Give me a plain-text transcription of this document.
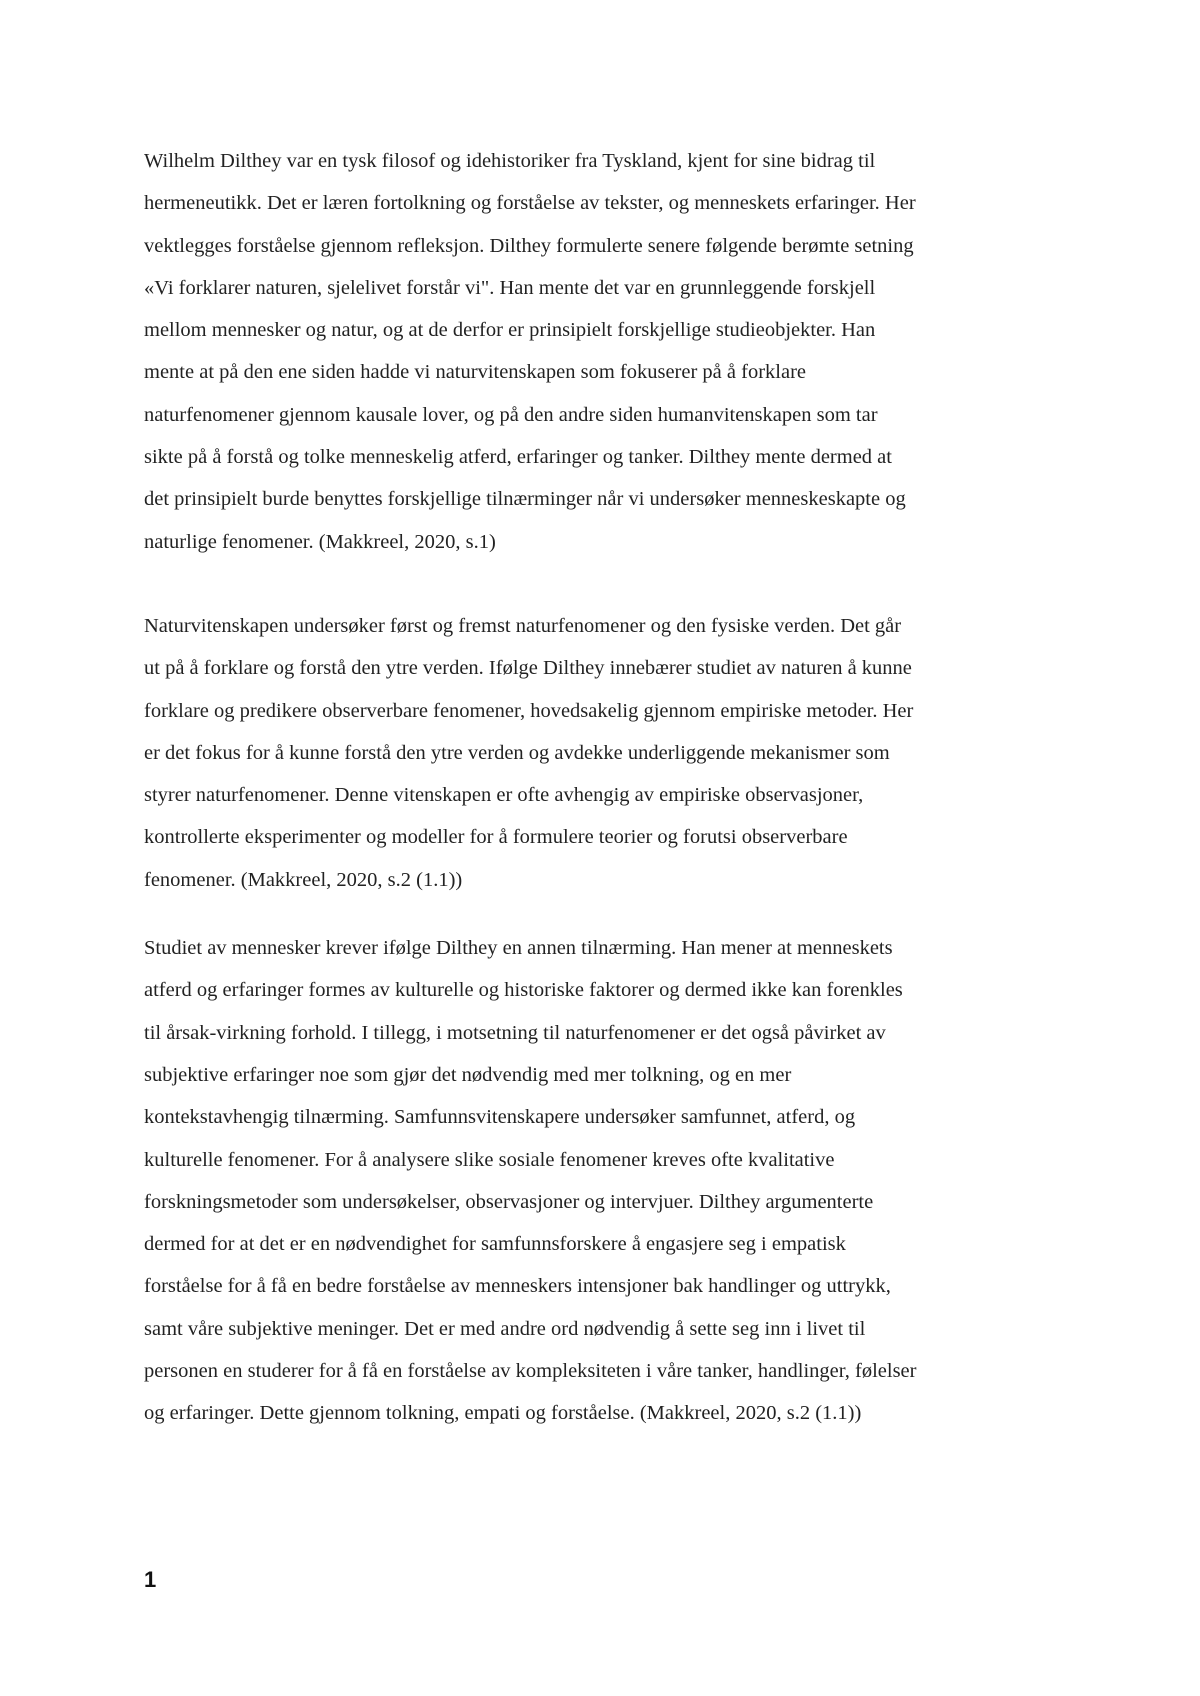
Wilhelm Dilthey var en tysk filosof og idehistoriker fra Tyskland, kjent for sine bidrag til
hermeneutikk. Det er læren fortolkning og forståelse av tekster, og menneskets erfaringer. Her
vektlegges forståelse gjennom refleksjon. Dilthey formulerte senere følgende berømte setning
«Vi forklarer naturen, sjelelivet forstår vi". Han mente det var en grunnleggende forskjell
mellom mennesker og natur, og at de derfor er prinsipielt forskjellige studieobjekter. Han
mente at på den ene siden hadde vi naturvitenskapen som fokuserer på å forklare
naturfenomener gjennom kausale lover, og på den andre siden humanvitenskapen som tar
sikte på å forstå og tolke menneskelig atferd, erfaringer og tanker. Dilthey mente dermed at
det prinsipielt burde benyttes forskjellige tilnærminger når vi undersøker menneskeskapte og
naturlige fenomener. (Makkreel, 2020, s.1)

Naturvitenskapen undersøker først og fremst naturfenomener og den fysiske verden. Det går
ut på å forklare og forstå den ytre verden. Ifølge Dilthey innebærer studiet av naturen å kunne
forklare og predikere observerbare fenomener, hovedsakelig gjennom empiriske metoder. Her
er det fokus for å kunne forstå den ytre verden og avdekke underliggende mekanismer som
styrer naturfenomener. Denne vitenskapen er ofte avhengig av empiriske observasjoner,
kontrollerte eksperimenter og modeller for å formulere teorier og forutsi observerbare
fenomener. (Makkreel, 2020, s.2 (1.1))

Studiet av mennesker krever ifølge Dilthey en annen tilnærming. Han mener at menneskets
atferd og erfaringer formes av kulturelle og historiske faktorer og dermed ikke kan forenkles
til årsak-virkning forhold. I tillegg, i motsetning til naturfenomener er det også påvirket av
subjektive erfaringer noe som gjør det nødvendig med mer tolkning, og en mer
kontekstavhengig tilnærming. Samfunnsvitenskapere undersøker samfunnet, atferd, og
kulturelle fenomener. For å analysere slike sosiale fenomener kreves ofte kvalitative
forskningsmetoder som undersøkelser, observasjoner og intervjuer. Dilthey argumenterte
dermed for at det er en nødvendighet for samfunnsforskere å engasjere seg i empatisk
forståelse for å få en bedre forståelse av menneskers intensjoner bak handlinger og uttrykk,
samt våre subjektive meninger. Det er med andre ord nødvendig å sette seg inn i livet til
personen en studerer for å få en forståelse av kompleksiteten i våre tanker, handlinger, følelser
og erfaringer. Dette gjennom tolkning, empati og forståelse. (Makkreel, 2020, s.2 (1.1))

1
